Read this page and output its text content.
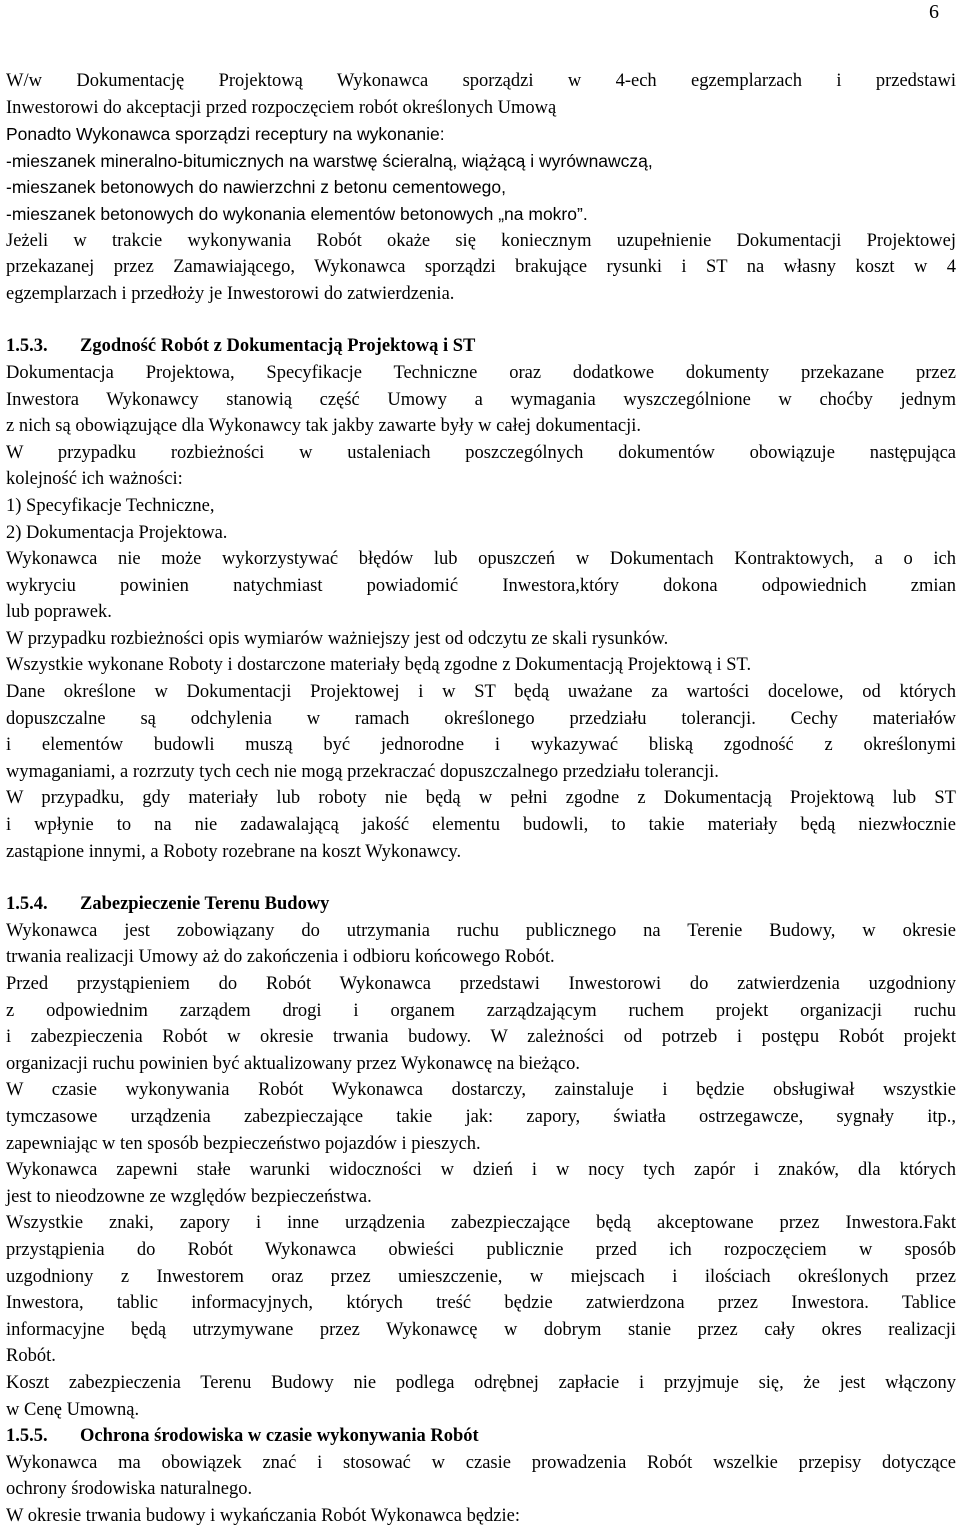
6
W/w Dokumentację Projektową Wykonawca sporządzi w 4-ech egzemplarzach i przedstawi
Inwestorowi do akceptacji przed rozpoczęciem robót określonych Umową
Ponadto Wykonawca sporządzi receptury na wykonanie:
-mieszanek mineralno-bitumicznych na warstwę ścieralną, wiążącą i wyrównawczą,
-mieszanek betonowych do nawierzchni z betonu cementowego,
-mieszanek betonowych do wykonania elementów betonowych „na mokro”.
Jeżeli w trakcie wykonywania Robót okaże się koniecznym uzupełnienie Dokumentacji Projektowej
przekazanej przez Zamawiającego, Wykonawca sporządzi brakujące rysunki i ST na własny koszt w 4
egzemplarzach i przedłoży je Inwestorowi do zatwierdzenia.
1.5.3. Zgodność Robót z Dokumentacją Projektową i ST
Dokumentacja Projektowa, Specyfikacje Techniczne oraz dodatkowe dokumenty przekazane przez
Inwestora Wykonawcy stanowią część Umowy a wymagania wyszczególnione w choćby jednym
z nich są obowiązujące dla Wykonawcy tak jakby zawarte były w całej dokumentacji.
W przypadku rozbieżności w ustaleniach poszczególnych dokumentów obowiązuje następująca
kolejność ich ważności:
1) Specyfikacje Techniczne,
2) Dokumentacja Projektowa.
Wykonawca nie może wykorzystywać błędów lub opuszczeń w Dokumentach Kontraktowych, a o ich
wykryciu powinien natychmiast powiadomić Inwestora,który dokona odpowiednich zmian
lub poprawek.
W przypadku rozbieżności opis wymiarów ważniejszy jest od odczytu ze skali rysunków.
Wszystkie wykonane Roboty i dostarczone materiały będą zgodne z Dokumentacją Projektową i ST.
Dane określone w Dokumentacji Projektowej i w ST będą uważane za wartości docelowe, od których
dopuszczalne są odchylenia w ramach określonego przedziału tolerancji. Cechy materiałów
i elementów budowli muszą być jednorodne i wykazywać bliską zgodność z określonymi
wymaganiami, a rozrzuty tych cech nie mogą przekraczać dopuszczalnego przedziału tolerancji.
W przypadku, gdy materiały lub roboty nie będą w pełni zgodne z Dokumentacją Projektową lub ST
i wpłynie to na nie zadawalającą jakość elementu budowli, to takie materiały będą niezwłocznie
zastąpione innymi, a Roboty rozebrane na koszt Wykonawcy.
1.5.4. Zabezpieczenie Terenu Budowy
Wykonawca jest zobowiązany do utrzymania ruchu publicznego na Terenie Budowy, w okresie
trwania realizacji Umowy aż do zakończenia i odbioru końcowego Robót.
Przed przystąpieniem do Robót Wykonawca przedstawi Inwestorowi do zatwierdzenia uzgodniony
z odpowiednim zarządem drogi i organem zarządzającym ruchem projekt organizacji ruchu
i zabezpieczenia Robót w okresie trwania budowy. W zależności od potrzeb i postępu Robót projekt
organizacji ruchu powinien być aktualizowany przez Wykonawcę na bieżąco.
W czasie wykonywania Robót Wykonawca dostarczy, zainstaluje i będzie obsługiwał wszystkie
tymczasowe urządzenia zabezpieczające takie jak: zapory, światła ostrzegawcze, sygnały itp.,
zapewniając w ten sposób bezpieczeństwo pojazdów i pieszych.
Wykonawca zapewni stałe warunki widoczności w dzień i w nocy tych zapór i znaków, dla których
jest to nieodzowne ze względów bezpieczeństwa.
Wszystkie znaki, zapory i inne urządzenia zabezpieczające będą akceptowane przez Inwestora.Fakt
przystąpienia do Robót Wykonawca obwieści publicznie przed ich rozpoczęciem w sposób
uzgodniony z Inwestorem oraz przez umieszczenie, w miejscach i ilościach określonych przez
Inwestora, tablic informacyjnych, których treść będzie zatwierdzona przez Inwestora. Tablice
informacyjne będą utrzymywane przez Wykonawcę w dobrym stanie przez cały okres realizacji
Robót.
Koszt zabezpieczenia Terenu Budowy nie podlega odrębnej zapłacie i przyjmuje się, że jest włączony
w Cenę Umowną.
1.5.5. Ochrona środowiska w czasie wykonywania Robót
Wykonawca ma obowiązek znać i stosować w czasie prowadzenia Robót wszelkie przepisy dotyczące
ochrony środowiska naturalnego.
W okresie trwania budowy i wykańczania Robót Wykonawca będzie:
